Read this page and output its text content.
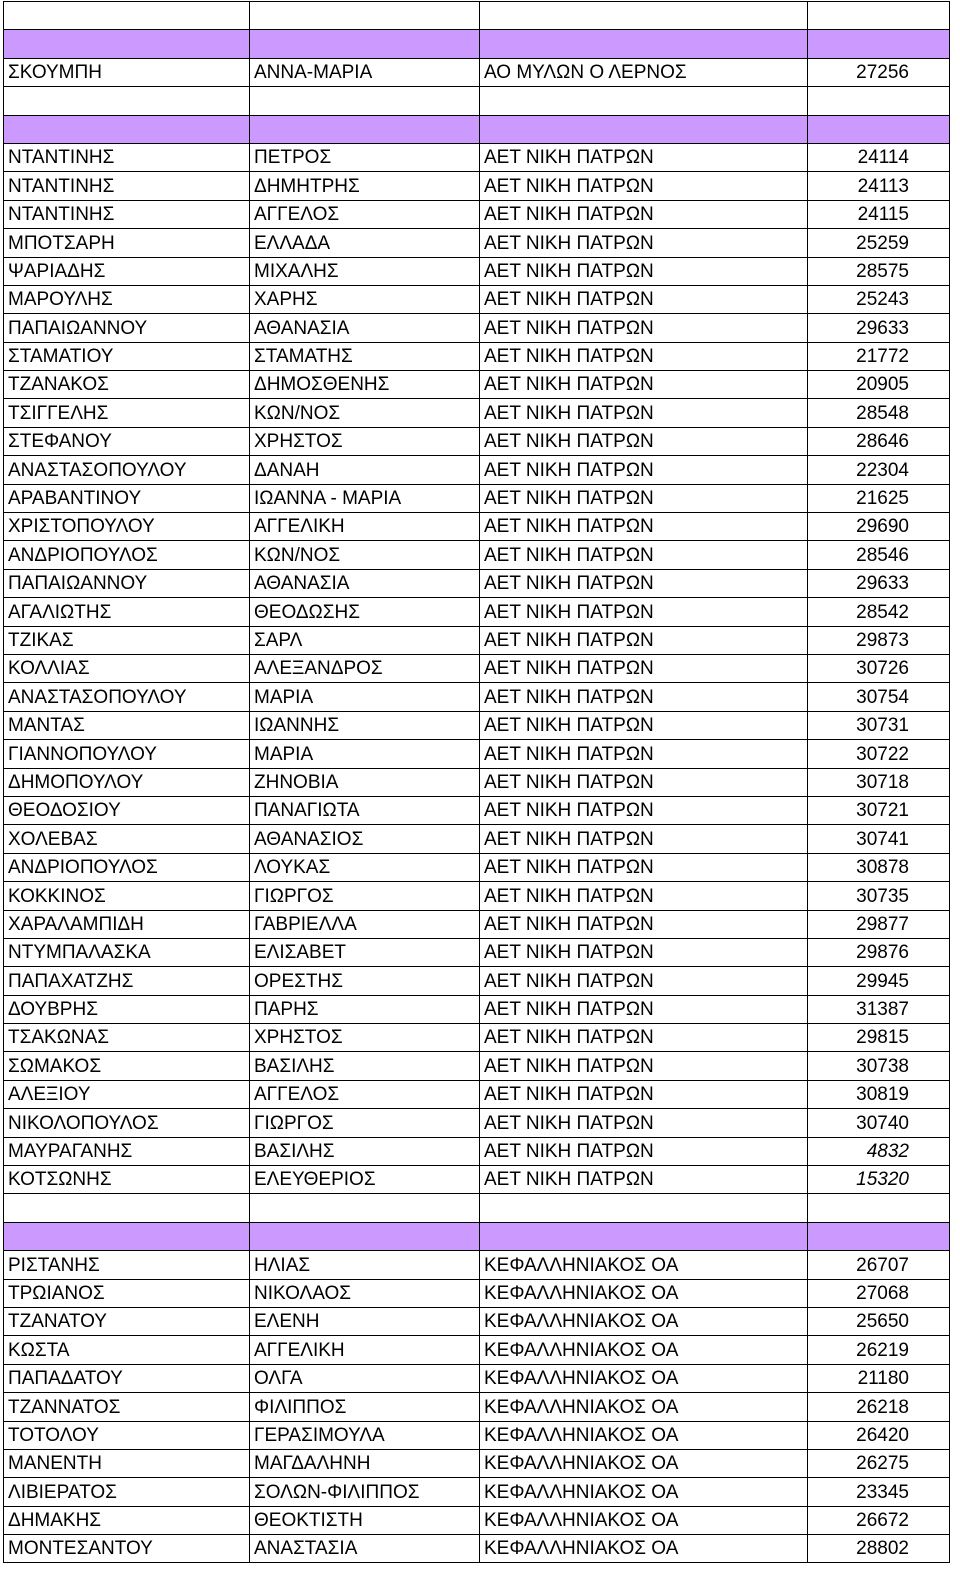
ΣΚΟΥΜΠΗ	ΑΝΝΑ-ΜΑΡΙΑ	ΑΟ ΜΥΛΩΝ Ο ΛΕΡΝΟΣ	27256

ΝΤΑΝΤΙΝΗΣ	ΠΕΤΡΟΣ	ΑΕΤ ΝΙΚΗ ΠΑΤΡΩΝ	24114
ΝΤΑΝΤΙΝΗΣ	ΔΗΜΗΤΡΗΣ	ΑΕΤ ΝΙΚΗ ΠΑΤΡΩΝ	24113
ΝΤΑΝΤΙΝΗΣ	ΑΓΓΕΛΟΣ	ΑΕΤ ΝΙΚΗ ΠΑΤΡΩΝ	24115
ΜΠΟΤΣΑΡΗ	ΕΛΛΑΔΑ	ΑΕΤ ΝΙΚΗ ΠΑΤΡΩΝ	25259
ΨΑΡΙΑΔΗΣ	ΜΙΧΑΛΗΣ	ΑΕΤ ΝΙΚΗ ΠΑΤΡΩΝ	28575
ΜΑΡΟΥΛΗΣ	ΧΑΡΗΣ	ΑΕΤ ΝΙΚΗ ΠΑΤΡΩΝ	25243
ΠΑΠΑΙΩΑΝΝΟΥ	ΑΘΑΝΑΣΙΑ	ΑΕΤ ΝΙΚΗ ΠΑΤΡΩΝ	29633
ΣΤΑΜΑΤΙΟΥ	ΣΤΑΜΑΤΗΣ	ΑΕΤ ΝΙΚΗ ΠΑΤΡΩΝ	21772
ΤΖΑΝΑΚΟΣ	ΔΗΜΟΣΘΕΝΗΣ	ΑΕΤ ΝΙΚΗ ΠΑΤΡΩΝ	20905
ΤΣΙΓΓΕΛΗΣ	ΚΩΝ/ΝΟΣ	ΑΕΤ ΝΙΚΗ ΠΑΤΡΩΝ	28548
ΣΤΕΦΑΝΟΥ	ΧΡΗΣΤΟΣ	ΑΕΤ ΝΙΚΗ ΠΑΤΡΩΝ	28646
ΑΝΑΣΤΑΣΟΠΟΥΛΟΥ	ΔΑΝΑΗ	ΑΕΤ ΝΙΚΗ ΠΑΤΡΩΝ	22304
ΑΡΑΒΑΝΤΙΝΟΥ	ΙΩΑΝΝΑ - ΜΑΡΙΑ	ΑΕΤ ΝΙΚΗ ΠΑΤΡΩΝ	21625
ΧΡΙΣΤΟΠΟΥΛΟΥ	ΑΓΓΕΛΙΚΗ	ΑΕΤ ΝΙΚΗ ΠΑΤΡΩΝ	29690
ΑΝΔΡΙΟΠΟΥΛΟΣ	ΚΩΝ/ΝΟΣ	ΑΕΤ ΝΙΚΗ ΠΑΤΡΩΝ	28546
ΠΑΠΑΙΩΑΝΝΟΥ	ΑΘΑΝΑΣΙΑ	ΑΕΤ ΝΙΚΗ ΠΑΤΡΩΝ	29633
ΑΓΑΛΙΩΤΗΣ	ΘΕΟΔΩΣΗΣ	ΑΕΤ ΝΙΚΗ ΠΑΤΡΩΝ	28542
ΤΖΙΚΑΣ	ΣΑΡΛ	ΑΕΤ ΝΙΚΗ ΠΑΤΡΩΝ	29873
ΚΟΛΛΙΑΣ	ΑΛΕΞΑΝΔΡΟΣ	ΑΕΤ ΝΙΚΗ ΠΑΤΡΩΝ	30726
ΑΝΑΣΤΑΣΟΠΟΥΛΟΥ	ΜΑΡΙΑ	ΑΕΤ ΝΙΚΗ ΠΑΤΡΩΝ	30754
ΜΑΝΤΑΣ	ΙΩΑΝΝΗΣ	ΑΕΤ ΝΙΚΗ ΠΑΤΡΩΝ	30731
ΓΙΑΝΝΟΠΟΥΛΟΥ	ΜΑΡΙΑ	ΑΕΤ ΝΙΚΗ ΠΑΤΡΩΝ	30722
ΔΗΜΟΠΟΥΛΟΥ	ΖΗΝΟΒΙΑ	ΑΕΤ ΝΙΚΗ ΠΑΤΡΩΝ	30718
ΘΕΟΔΟΣΙΟΥ	ΠΑΝΑΓΙΩΤΑ	ΑΕΤ ΝΙΚΗ ΠΑΤΡΩΝ	30721
ΧΟΛΕΒΑΣ	ΑΘΑΝΑΣΙΟΣ	ΑΕΤ ΝΙΚΗ ΠΑΤΡΩΝ	30741
ΑΝΔΡΙΟΠΟΥΛΟΣ	ΛΟΥΚΑΣ	ΑΕΤ ΝΙΚΗ ΠΑΤΡΩΝ	30878
ΚΟΚΚΙΝΟΣ	ΓΙΩΡΓΟΣ	ΑΕΤ ΝΙΚΗ ΠΑΤΡΩΝ	30735
ΧΑΡΑΛΑΜΠΙΔΗ	ΓΑΒΡΙΕΛΛΑ	ΑΕΤ ΝΙΚΗ ΠΑΤΡΩΝ	29877
ΝΤΥΜΠΑΛΑΣΚΑ	ΕΛΙΣΑΒΕΤ	ΑΕΤ ΝΙΚΗ ΠΑΤΡΩΝ	29876
ΠΑΠΑΧΑΤΖΗΣ	ΟΡΕΣΤΗΣ	ΑΕΤ ΝΙΚΗ ΠΑΤΡΩΝ	29945
ΔΟΥΒΡΗΣ	ΠΑΡΗΣ	ΑΕΤ ΝΙΚΗ ΠΑΤΡΩΝ	31387
ΤΣΑΚΩΝΑΣ	ΧΡΗΣΤΟΣ	ΑΕΤ ΝΙΚΗ ΠΑΤΡΩΝ	29815
ΣΩΜΑΚΟΣ	ΒΑΣΙΛΗΣ	ΑΕΤ ΝΙΚΗ ΠΑΤΡΩΝ	30738
ΑΛΕΞΙΟΥ	ΑΓΓΕΛΟΣ	ΑΕΤ ΝΙΚΗ ΠΑΤΡΩΝ	30819
ΝΙΚΟΛΟΠΟΥΛΟΣ	ΓΙΩΡΓΟΣ	ΑΕΤ ΝΙΚΗ ΠΑΤΡΩΝ	30740
ΜΑΥΡΑΓΑΝΗΣ	ΒΑΣΙΛΗΣ	ΑΕΤ ΝΙΚΗ ΠΑΤΡΩΝ	4832
ΚΟΤΣΩΝΗΣ	ΕΛΕΥΘΕΡΙΟΣ	ΑΕΤ ΝΙΚΗ ΠΑΤΡΩΝ	15320

ΡΙΣΤΑΝΗΣ	ΗΛΙΑΣ	ΚΕΦΑΛΛΗΝΙΑΚΟΣ ΟΑ	26707
ΤΡΩΙΑΝΟΣ	ΝΙΚΟΛΑΟΣ	ΚΕΦΑΛΛΗΝΙΑΚΟΣ ΟΑ	27068
ΤΖΑΝΑΤΟΥ	ΕΛΕΝΗ	ΚΕΦΑΛΛΗΝΙΑΚΟΣ ΟΑ	25650
ΚΩΣΤΑ	ΑΓΓΕΛΙΚΗ	ΚΕΦΑΛΛΗΝΙΑΚΟΣ ΟΑ	26219
ΠΑΠΑΔΑΤΟΥ	ΟΛΓΑ	ΚΕΦΑΛΛΗΝΙΑΚΟΣ ΟΑ	21180
ΤΖΑΝΝΑΤΟΣ	ΦΙΛΙΠΠΟΣ	ΚΕΦΑΛΛΗΝΙΑΚΟΣ ΟΑ	26218
ΤΟΤΟΛΟΥ	ΓΕΡΑΣΙΜΟΥΛΑ	ΚΕΦΑΛΛΗΝΙΑΚΟΣ ΟΑ	26420
ΜΑΝΕΝΤΗ	ΜΑΓΔΑΛΗΝΗ	ΚΕΦΑΛΛΗΝΙΑΚΟΣ ΟΑ	26275
ΛΙΒΙΕΡΑΤΟΣ	ΣΟΛΩΝ-ΦΙΛΙΠΠΟΣ	ΚΕΦΑΛΛΗΝΙΑΚΟΣ ΟΑ	23345
ΔΗΜΑΚΗΣ	ΘΕΟΚΤΙΣΤΗ	ΚΕΦΑΛΛΗΝΙΑΚΟΣ ΟΑ	26672
ΜΟΝΤΕΣΑΝΤΟΥ	ΑΝΑΣΤΑΣΙΑ	ΚΕΦΑΛΛΗΝΙΑΚΟΣ ΟΑ	28802
